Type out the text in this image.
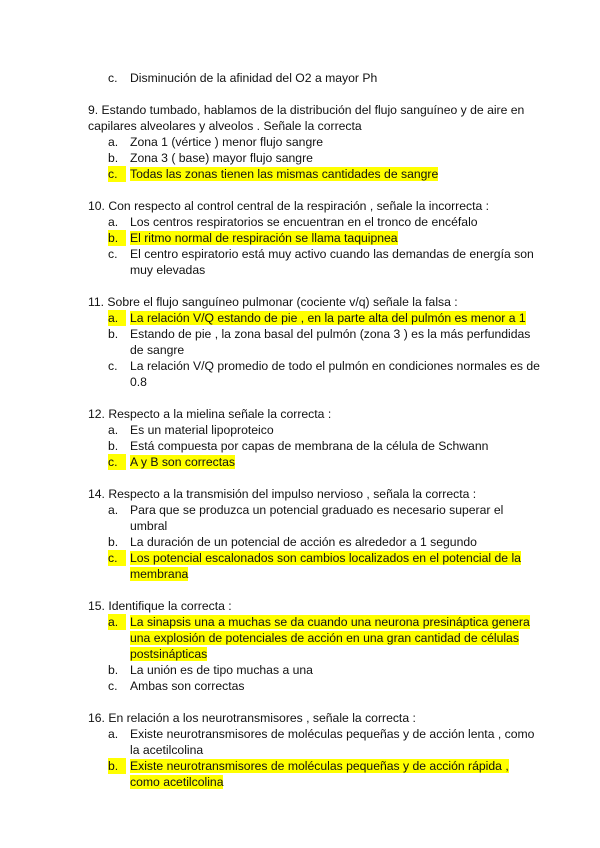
c.	Disminución de la afinidad del O2 a mayor Ph

9. Estando tumbado, hablamos de la distribución del flujo sanguíneo y de aire en capilares alveolares y alveolos . Señale la correcta

a. Zona 1 (vértice ) menor flujo sangre
b. Zona 3 ( base) mayor flujo sangre
c.	Todas las zonas tienen las mismas cantidades de sangre

10. Con respecto al control central de la respiración , señale la incorrecta :

a. Los centros respiratorios se encuentran en el tronco de encéfalo
b. El ritmo normal de respiración se llama taquipnea
c.	El centro espiratorio está muy activo cuando las demandas de energía son muy elevadas

11. Sobre el flujo sanguíneo pulmonar (cociente v/q) señale la falsa :

a. La relación V/Q estando de pie , en la parte alta del pulmón es menor a 1
b. Estando de pie , la zona basal del pulmón (zona 3 ) es la más perfundidas de sangre
c.	La relación V/Q promedio de todo el pulmón en condiciones normales es de 0.8

12. Respecto a la mielina señale la correcta :

a. Es un material lipoproteico
b. Está compuesta por capas de membrana de la célula de Schwann
c.	A y B son correctas

14. Respecto a la transmisión del impulso nervioso , señala la correcta :

a. Para que se produzca un potencial graduado es necesario superar el umbral
b. La duración de un potencial de acción es alrededor a 1 segundo
c.	Los potencial escalonados son cambios localizados en el potencial de la membrana

15. Identifique la correcta :

a. La sinapsis una a muchas se da cuando una neurona presináptica genera una explosión de potenciales de acción en una gran cantidad de células postsinápticas
b. La unión es de tipo muchas a una
c.	Ambas son correctas

16. En relación a los neurotransmisores , señale la correcta :

a. Existe neurotransmisores de moléculas pequeñas y de acción lenta , como la acetilcolina
b. Existe neurotransmisores de moléculas pequeñas y de acción rápida , como acetilcolina
